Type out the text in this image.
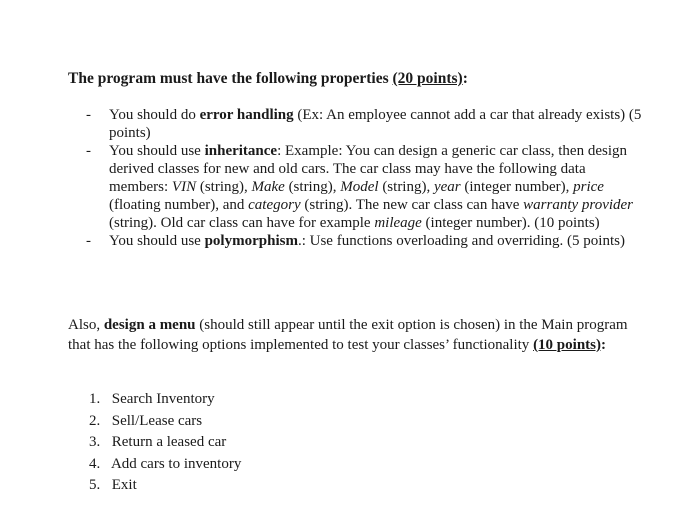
The program must have the following properties (20 points):
- You should do error handling (Ex: An employee cannot add a car that already exists) (5 points)
- You should use inheritance: Example: You can design a generic car class, then design derived classes for new and old cars. The car class may have the following data members: VIN (string), Make (string), Model (string), year (integer number), price (floating number), and category (string). The new car class can have warranty provider (string). Old car class can have for example mileage (integer number). (10 points)
- You should use polymorphism.: Use functions overloading and overriding. (5 points)
Also, design a menu (should still appear until the exit option is chosen) in the Main program that has the following options implemented to test your classes’ functionality (10 points):
1. Search Inventory
2. Sell/Lease cars
3. Return a leased car
4. Add cars to inventory
5. Exit
